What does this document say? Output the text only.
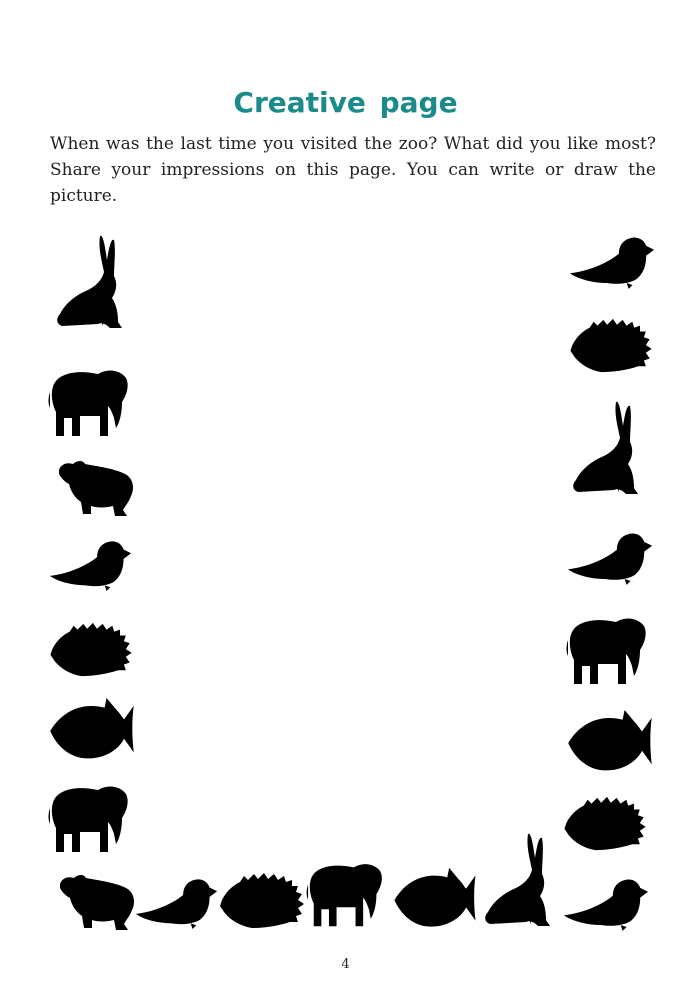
Creative page
When was the last time you visited the zoo? What did you like most? Share your impressions on this page. You can write or draw the picture.
4
